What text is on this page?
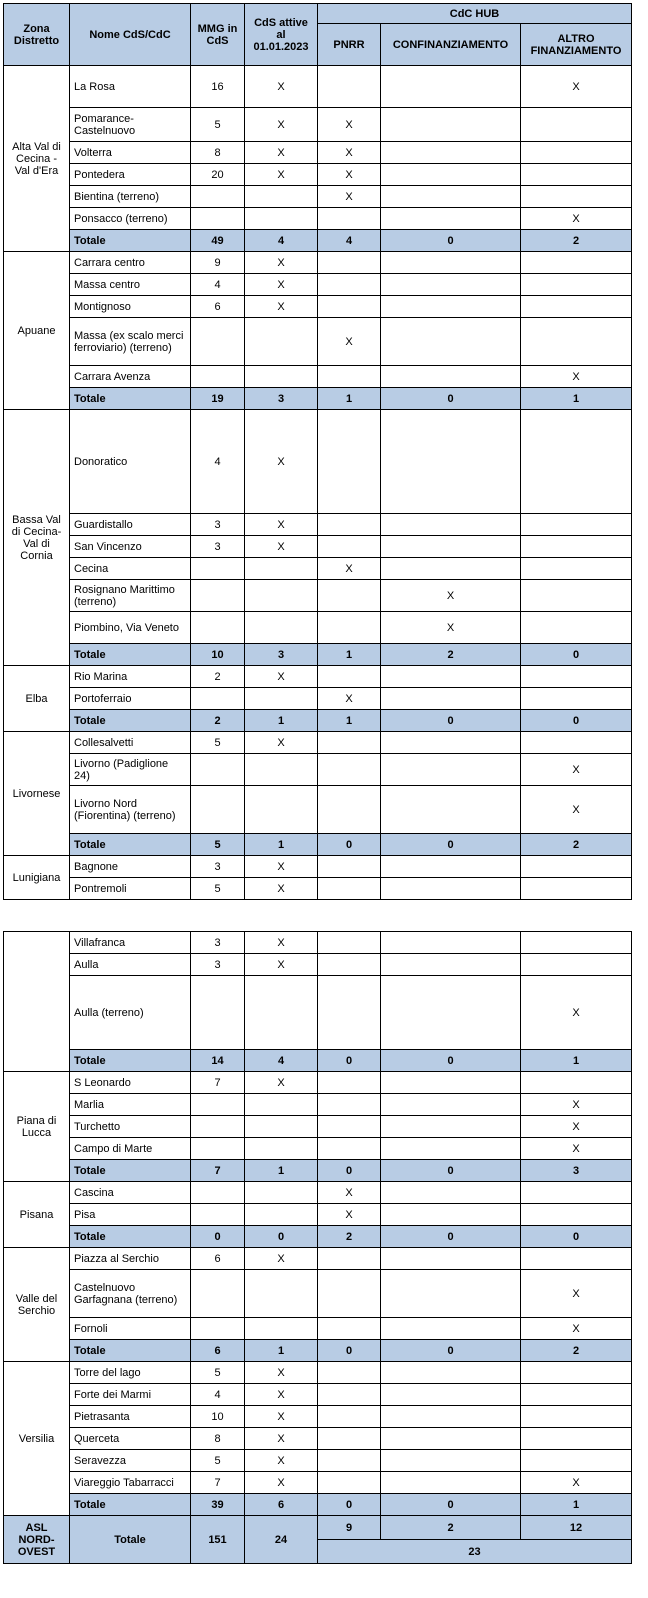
Zona Distretto	Nome CdS/CdC	MMG in CdS	CdS attive al 01.01.2023	CdC HUB		
				PNRR	CONFINANZIAMENTO	ALTRO FINANZIAMENTO
Alta Val di Cecina - Val d'Era	La Rosa	16	X			X
	Pomarance-Castelnuovo	5	X	X		
	Volterra	8	X	X		
	Pontedera	20	X	X		
	Bientina (terreno)			X		
	Ponsacco (terreno)					X
	Totale	49	4	4	0	2
Apuane	Carrara centro	9	X			
	Massa centro	4	X			
	Montignoso	6	X			
	Massa (ex scalo merci ferroviario) (terreno)			X		
	Carrara Avenza					X
	Totale	19	3	1	0	1
Bassa Val di Cecina-Val di Cornia	Donoratico	4	X			
	Guardistallo	3	X			
	San Vincenzo	3	X			
	Cecina			X		
	Rosignano Marittimo (terreno)				X	
	Piombino, Via Veneto				X	
	Totale	10	3	1	2	0
Elba	Rio Marina	2	X			
	Portoferraio			X		
	Totale	2	1	1	0	0
Livornese	Collesalvetti	5	X			
	Livorno (Padiglione 24)					X
	Livorno Nord (Fiorentina) (terreno)					X
	Totale	5	1	0	0	2
Lunigiana	Bagnone	3	X			
	Pontremoli	5	X			
	Villafranca	3	X			
	Aulla	3	X			
	Aulla (terreno)					X
	Totale	14	4	0	0	1
Piana di Lucca	S Leonardo	7	X			
	Marlia					X
	Turchetto					X
	Campo di Marte					X
	Totale	7	1	0	0	3
Pisana	Cascina			X		
	Pisa			X		
	Totale	0	0	2	0	0
Valle del Serchio	Piazza al Serchio	6	X			
	Castelnuovo Garfagnana (terreno)					X
	Fornoli					X
	Totale	6	1	0	0	2
Versilia	Torre del lago	5	X			
	Forte dei Marmi	4	X			
	Pietrasanta	10	X			
	Querceta	8	X			
	Seravezza	5	X			
	Viareggio Tabarracci	7	X			X
	Totale	39	6	0	0	1
ASL NORD-OVEST	Totale	151	24	9	2	12
				23		
